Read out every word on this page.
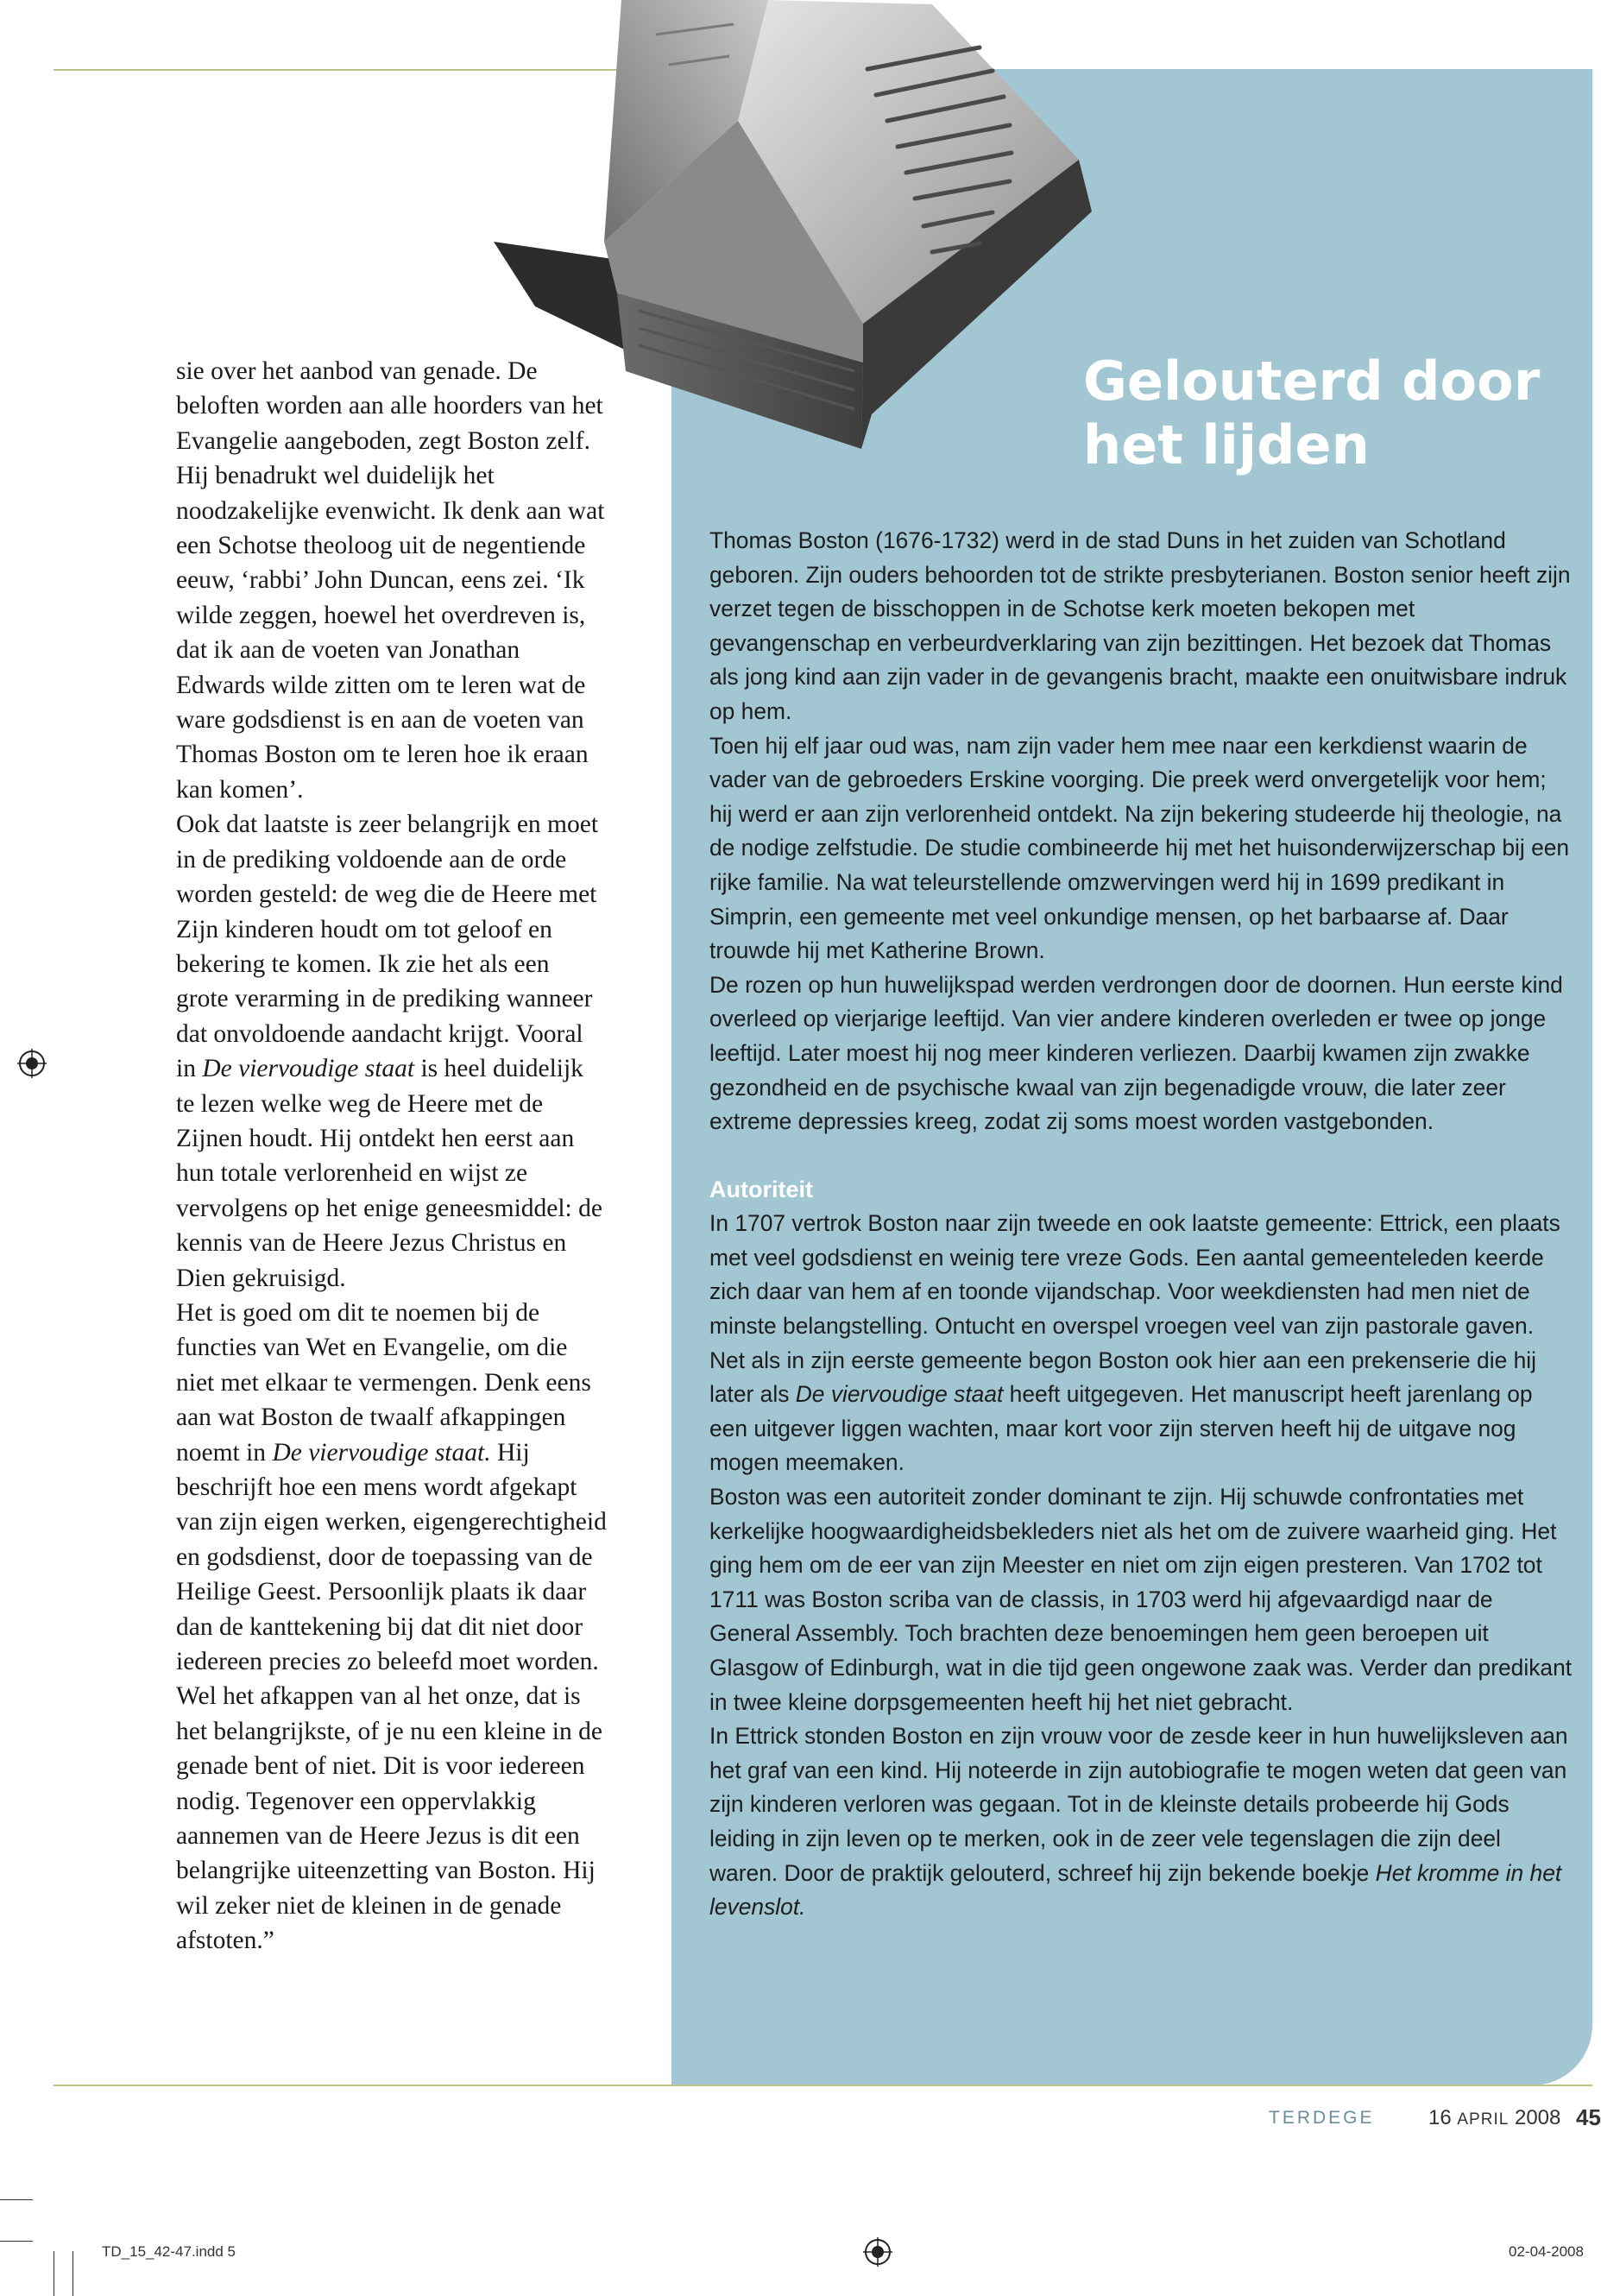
Gelouterd door
het lijden

Thomas Boston (1676-1732) werd in de stad Duns in het zuiden van Schotland geboren. Zijn ouders behoorden tot de strikte presbyterianen. Boston senior heeft zijn verzet tegen de bisschoppen in de Schotse kerk moeten bekopen met gevangenschap en verbeurdverklaring van zijn bezittingen. Het bezoek dat Thomas als jong kind aan zijn vader in de gevangenis bracht, maakte een onuitwisbare indruk op hem.

Toen hij elf jaar oud was, nam zijn vader hem mee naar een kerkdienst waarin de vader van de gebroeders Erskine voorging. Die preek werd onvergetelijk voor hem; hij werd er aan zijn verlorenheid ontdekt. Na zijn bekering studeerde hij theologie, na de nodige zelfstudie. De studie combineerde hij met het huisonderwijzerschap bij een rijke familie. Na wat teleurstellende omzwervingen werd hij in 1699 predikant in Simprin, een gemeente met veel onkundige mensen, op het barbaarse af. Daar trouwde hij met Katherine Brown.

De rozen op hun huwelijkspad werden verdrongen door de doornen. Hun eerste kind overleed op vierjarige leeftijd. Van vier andere kinderen overleden er twee op jonge leeftijd. Later moest hij nog meer kinderen verliezen. Daarbij kwamen zijn zwakke gezondheid en de psychische kwaal van zijn begenadigde vrouw, die later zeer extreme depressies kreeg, zodat zij soms moest worden vastgebonden.

Autoriteit

In 1707 vertrok Boston naar zijn tweede en ook laatste gemeente: Ettrick, een plaats met veel godsdienst en weinig tere vreze Gods. Een aantal gemeenteleden keerde zich daar van hem af en toonde vijandschap. Voor weekdiensten had men niet de minste belangstelling. Ontucht en overspel vroegen veel van zijn pastorale gaven. Net als in zijn eerste gemeente begon Boston ook hier aan een prekenserie die hij later als De viervoudige staat heeft uitgegeven. Het manuscript heeft jarenlang op een uitgever liggen wachten, maar kort voor zijn sterven heeft hij de uitgave nog mogen meemaken.

Boston was een autoriteit zonder dominant te zijn. Hij schuwde confrontaties met kerkelijke hoogwaardigheidsbekleders niet als het om de zuivere waarheid ging. Het ging hem om de eer van zijn Meester en niet om zijn eigen presteren. Van 1702 tot 1711 was Boston scriba van de classis, in 1703 werd hij afgevaardigd naar de General Assembly. Toch brachten deze benoemingen hem geen beroepen uit Glasgow of Edinburgh, wat in die tijd geen ongewone zaak was. Verder dan predikant in twee kleine dorpsgemeenten heeft hij het niet gebracht.

In Ettrick stonden Boston en zijn vrouw voor de zesde keer in hun huwelijksleven aan het graf van een kind. Hij noteerde in zijn autobiografie te mogen weten dat geen van zijn kinderen verloren was gegaan. Tot in de kleinste details probeerde hij Gods leiding in zijn leven op te merken, ook in de zeer vele tegenslagen die zijn deel waren. Door de praktijk gelouterd, schreef hij zijn bekende boekje Het kromme in het levenslot.

sie over het aanbod van genade. De beloften worden aan alle hoorders van het Evangelie aangeboden, zegt Boston zelf. Hij benadrukt wel duidelijk het noodzakelijke evenwicht. Ik denk aan wat een Schotse theoloog uit de negentiende eeuw, ‘rabbi’ John Duncan, eens zei. ‘Ik wilde zeggen, hoewel het overdreven is, dat ik aan de voeten van Jonathan Edwards wilde zitten om te leren wat de ware godsdienst is en aan de voeten van Thomas Boston om te leren hoe ik eraan kan komen’.

Ook dat laatste is zeer belangrijk en moet in de prediking voldoende aan de orde worden gesteld: de weg die de Heere met Zijn kinderen houdt om tot geloof en bekering te komen. Ik zie het als een grote verarming in de prediking wanneer dat onvoldoende aandacht krijgt. Vooral in De viervoudige staat is heel duidelijk te lezen welke weg de Heere met de Zijnen houdt. Hij ontdekt hen eerst aan hun totale verlorenheid en wijst ze vervolgens op het enige geneesmiddel: de kennis van de Heere Jezus Christus en Dien gekruisigd.

Het is goed om dit te noemen bij de functies van Wet en Evangelie, om die niet met elkaar te vermengen. Denk eens aan wat Boston de twaalf afkappingen noemt in De viervoudige staat. Hij beschrijft hoe een mens wordt afgekapt van zijn eigen werken, eigengerechtigheid en godsdienst, door de toepassing van de Heilige Geest. Persoonlijk plaats ik daar dan de kanttekening bij dat dit niet door iedereen precies zo beleefd moet worden. Wel het afkappen van al het onze, dat is het belangrijkste, of je nu een kleine in de genade bent of niet. Dit is voor iedereen nodig. Tegenover een oppervlakkig aannemen van de Heere Jezus is dit een belangrijke uiteenzetting van Boston. Hij wil zeker niet de kleinen in de genade afstoten.”

TERDEGE	16 APRIL 2008 45
TD_15_42-47.indd 5	02-04-2008
